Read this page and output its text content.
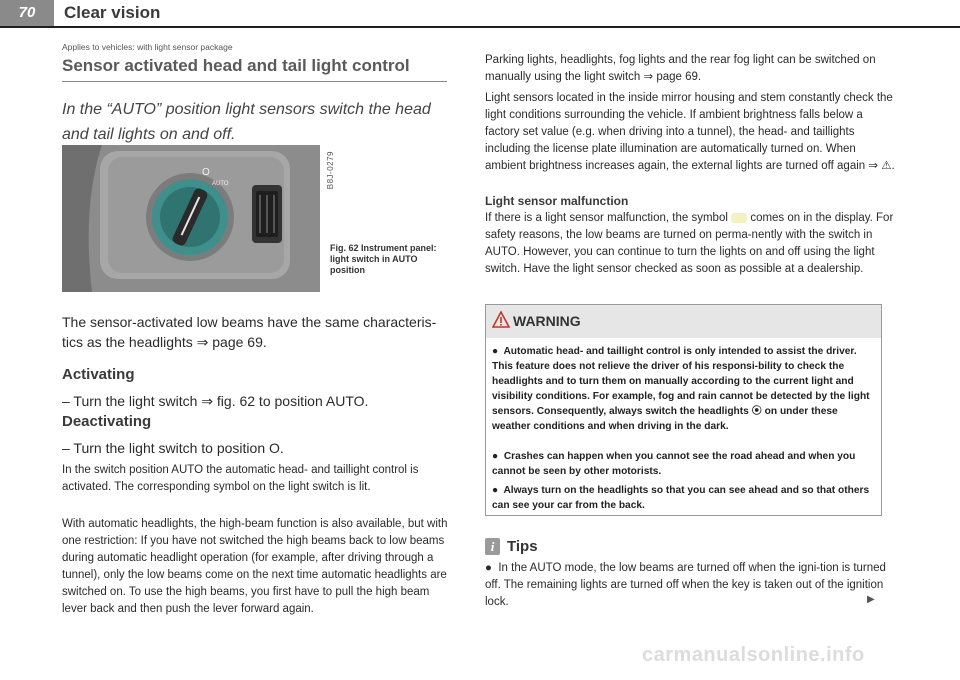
70	Clear vision
Applies to vehicles: with light sensor package
Sensor activated head and tail light control
In the “AUTO” position light sensors switch the head and tail lights on and off.
O
AUTO	B8J-0279
Fig. 62 Instrument panel: light switch in AUTO position
The sensor-activated low beams have the same characteris-tics as the headlights ⇒ page 69.
Activating
– Turn the light switch ⇒ fig. 62 to position AUTO.
Deactivating
– Turn the light switch to position O.
In the switch position AUTO the automatic head- and taillight control is activated. The corresponding symbol on the light switch is lit.
With automatic headlights, the high-beam function is also available, but with one restriction: If you have not switched the high beams back to low beams during automatic headlight operation (for example, after driving through a tunnel), only the low beams come on the next time automatic headlights are switched on. To use the high beams, you first have to pull the high beam lever back and then push the lever forward again.
Parking lights, headlights, fog lights and the rear fog light can be switched on manually using the light switch ⇒ page 69.
Light sensors located in the inside mirror housing and stem constantly check the light conditions surrounding the vehicle. If ambient brightness falls below a factory set value (e.g. when driving into a tunnel), the head- and taillights including the license plate illumination are automatically turned on. When ambient brightness increases again, the external lights are turned off again ⇒ ⚠.
Light sensor malfunction
If there is a light sensor malfunction, the symbol comes on in the display. For safety reasons, the low beams are turned on perma-nently with the switch in AUTO. However, you can continue to turn the lights on and off using the light switch. Have the light sensor checked as soon as possible at a dealership.
WARNING
●  Automatic head- and taillight control is only intended to assist the driver. This feature does not relieve the driver of his responsi-bility to check the headlights and to turn them on manually according to the current light and visibility conditions. For example, fog and rain cannot be detected by the light sensors. Consequently, always switch the headlights ⦿ on under these weather conditions and when driving in the dark.
●  Crashes can happen when you cannot see the road ahead and when you cannot be seen by other motorists.
●  Always turn on the headlights so that you can see ahead and so that others can see your car from the back.
i Tips
●  In the AUTO mode, the low beams are turned off when the igni-tion is turned off. The remaining lights are turned off when the key is taken out of the ignition lock.	▶
carmanualsonline.info
